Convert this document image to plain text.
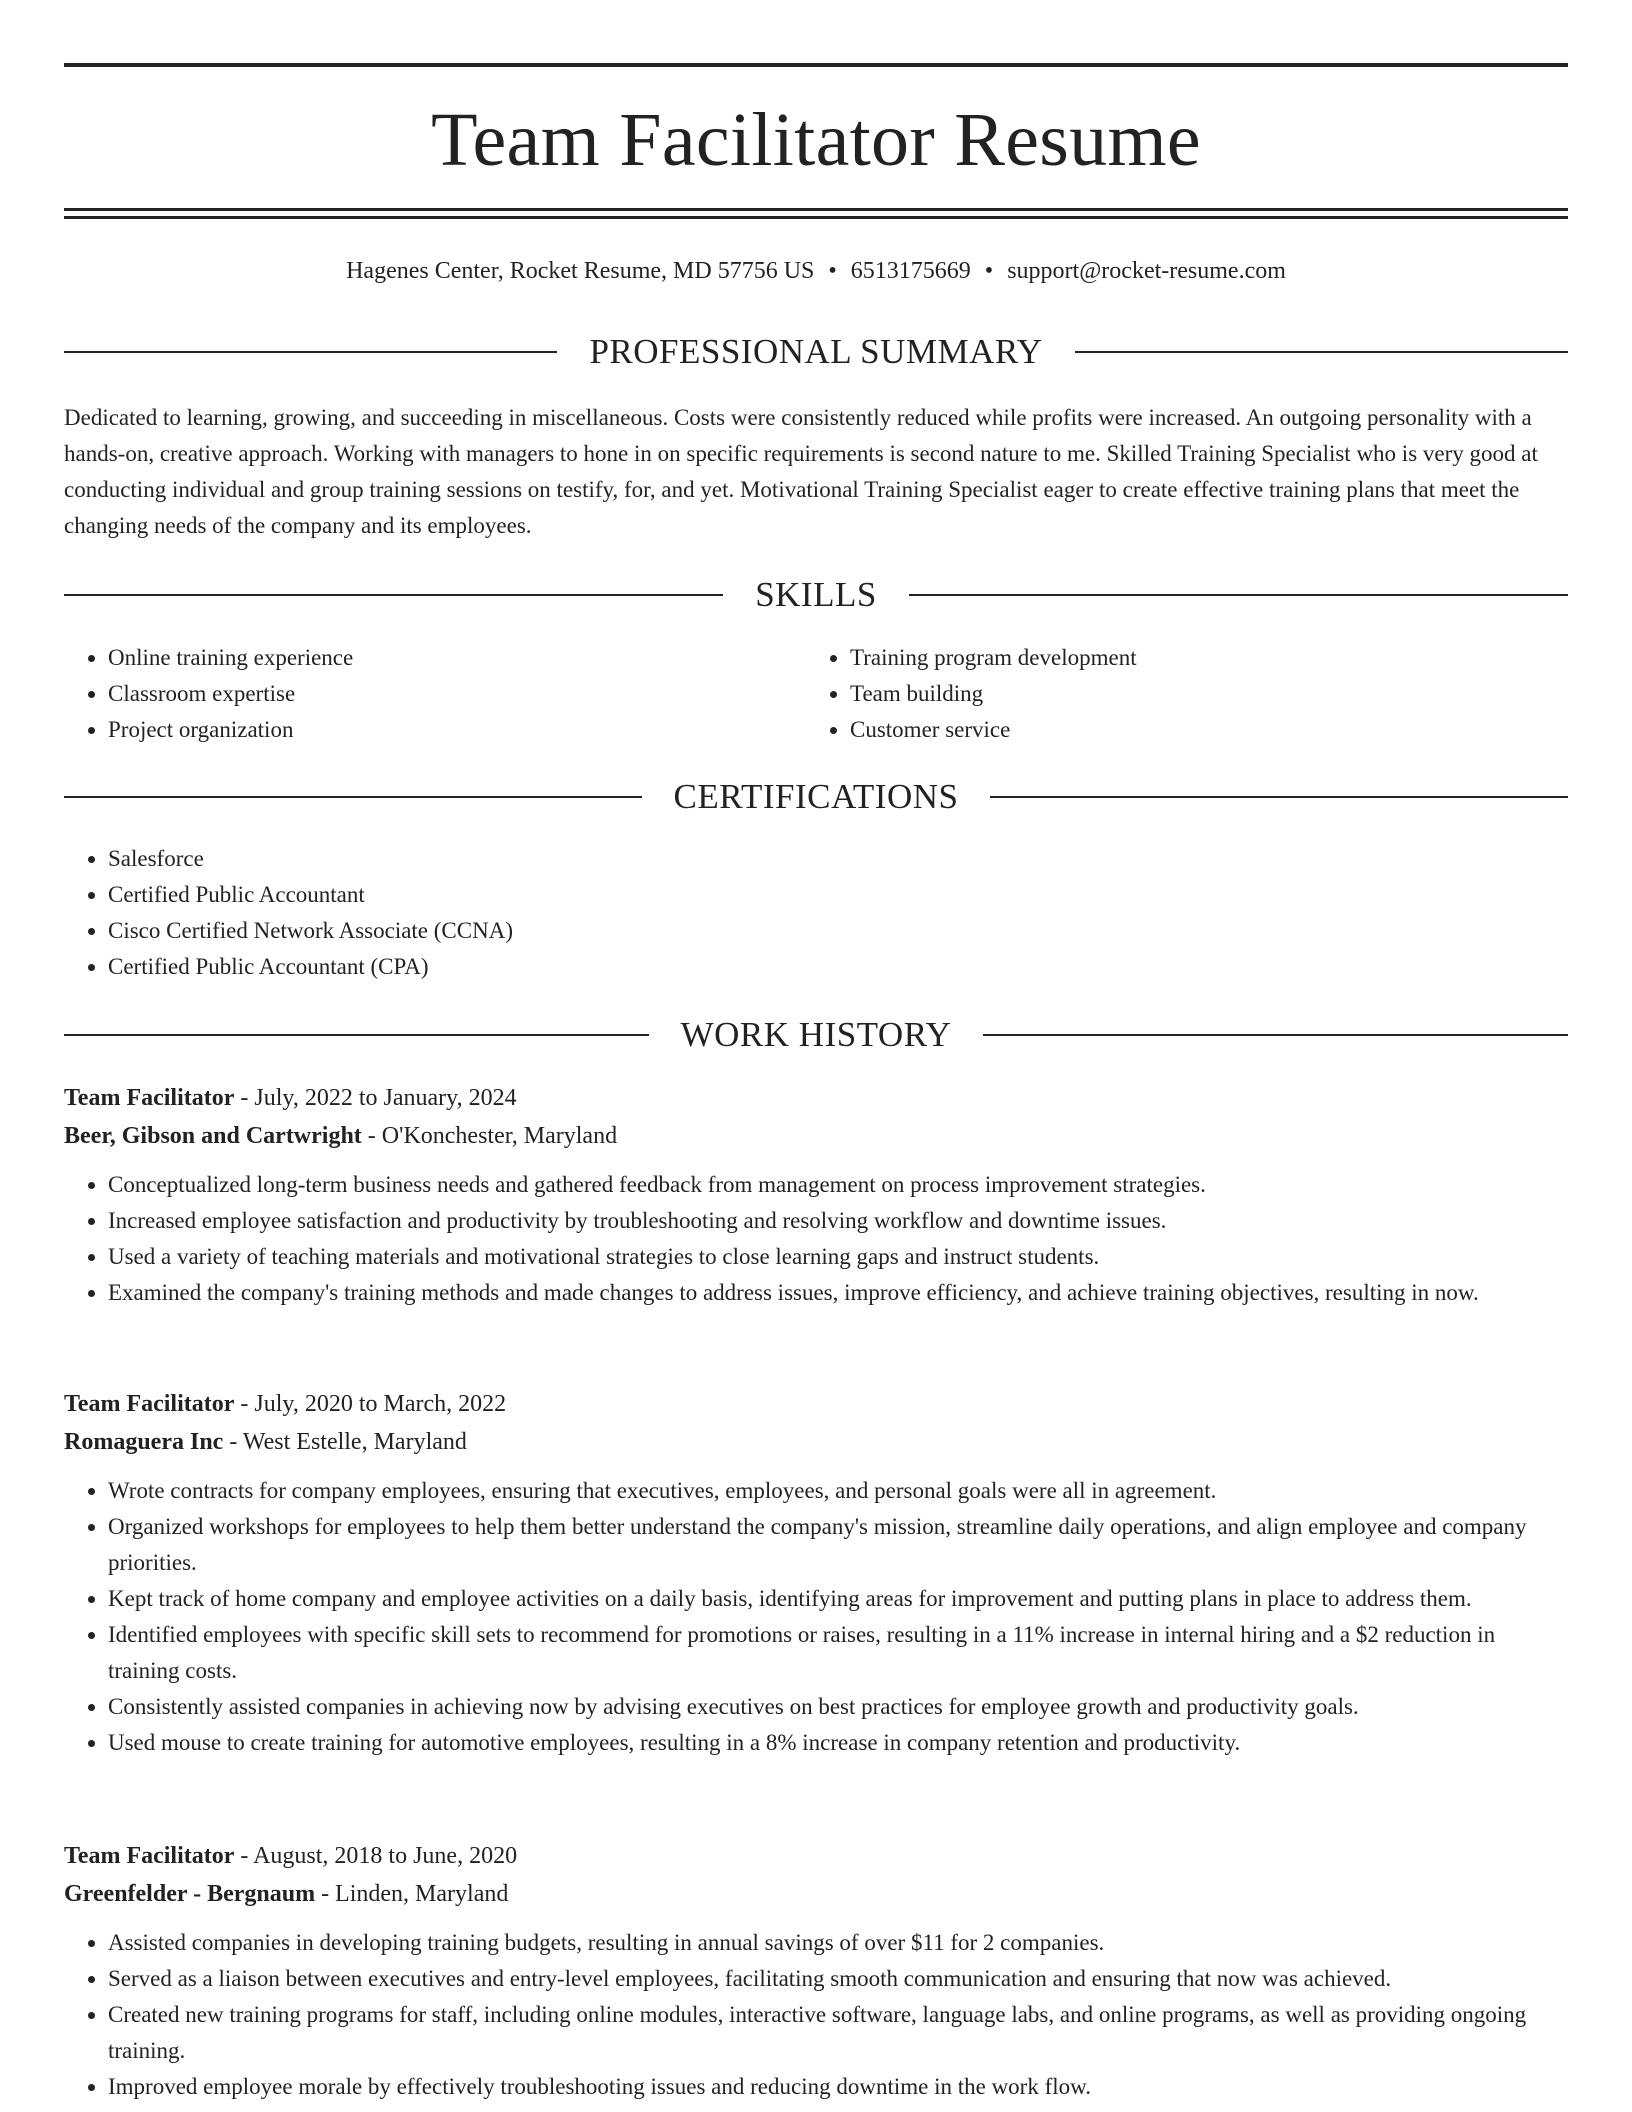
Team Facilitator Resume
Hagenes Center, Rocket Resume, MD 57756 US • 6513175669 • support@rocket-resume.com
PROFESSIONAL SUMMARY

Dedicated to learning, growing, and succeeding in miscellaneous. Costs were consistently reduced while profits were increased. An outgoing personality with a hands-on, creative approach. Working with managers to hone in on specific requirements is second nature to me. Skilled Training Specialist who is very good at conducting individual and group training sessions on testify, for, and yet. Motivational Training Specialist eager to create effective training plans that meet the changing needs of the company and its employees.

SKILLS
• Online training experience
• Classroom expertise
• Project organization
• Training program development
• Team building
• Customer service
CERTIFICATIONS
• Salesforce
• Certified Public Accountant
• Cisco Certified Network Associate (CCNA)
• Certified Public Accountant (CPA)
WORK HISTORY
Team Facilitator - July, 2022 to January, 2024
Beer, Gibson and Cartwright - O'Konchester, Maryland
• Conceptualized long-term business needs and gathered feedback from management on process improvement strategies.
• Increased employee satisfaction and productivity by troubleshooting and resolving workflow and downtime issues.
• Used a variety of teaching materials and motivational strategies to close learning gaps and instruct students.
• Examined the company's training methods and made changes to address issues, improve efficiency, and achieve training objectives, resulting in now.
Team Facilitator - July, 2020 to March, 2022
Romaguera Inc - West Estelle, Maryland
• Wrote contracts for company employees, ensuring that executives, employees, and personal goals were all in agreement.
• Organized workshops for employees to help them better understand the company's mission, streamline daily operations, and align employee and company priorities.
• Kept track of home company and employee activities on a daily basis, identifying areas for improvement and putting plans in place to address them.
• Identified employees with specific skill sets to recommend for promotions or raises, resulting in a 11% increase in internal hiring and a $2 reduction in training costs.
• Consistently assisted companies in achieving now by advising executives on best practices for employee growth and productivity goals.
• Used mouse to create training for automotive employees, resulting in a 8% increase in company retention and productivity.
Team Facilitator - August, 2018 to June, 2020
Greenfelder - Bergnaum - Linden, Maryland
• Assisted companies in developing training budgets, resulting in annual savings of over $11 for 2 companies.
• Served as a liaison between executives and entry-level employees, facilitating smooth communication and ensuring that now was achieved.
• Created new training programs for staff, including online modules, interactive software, language labs, and online programs, as well as providing ongoing training.
• Improved employee morale by effectively troubleshooting issues and reducing downtime in the work flow.
